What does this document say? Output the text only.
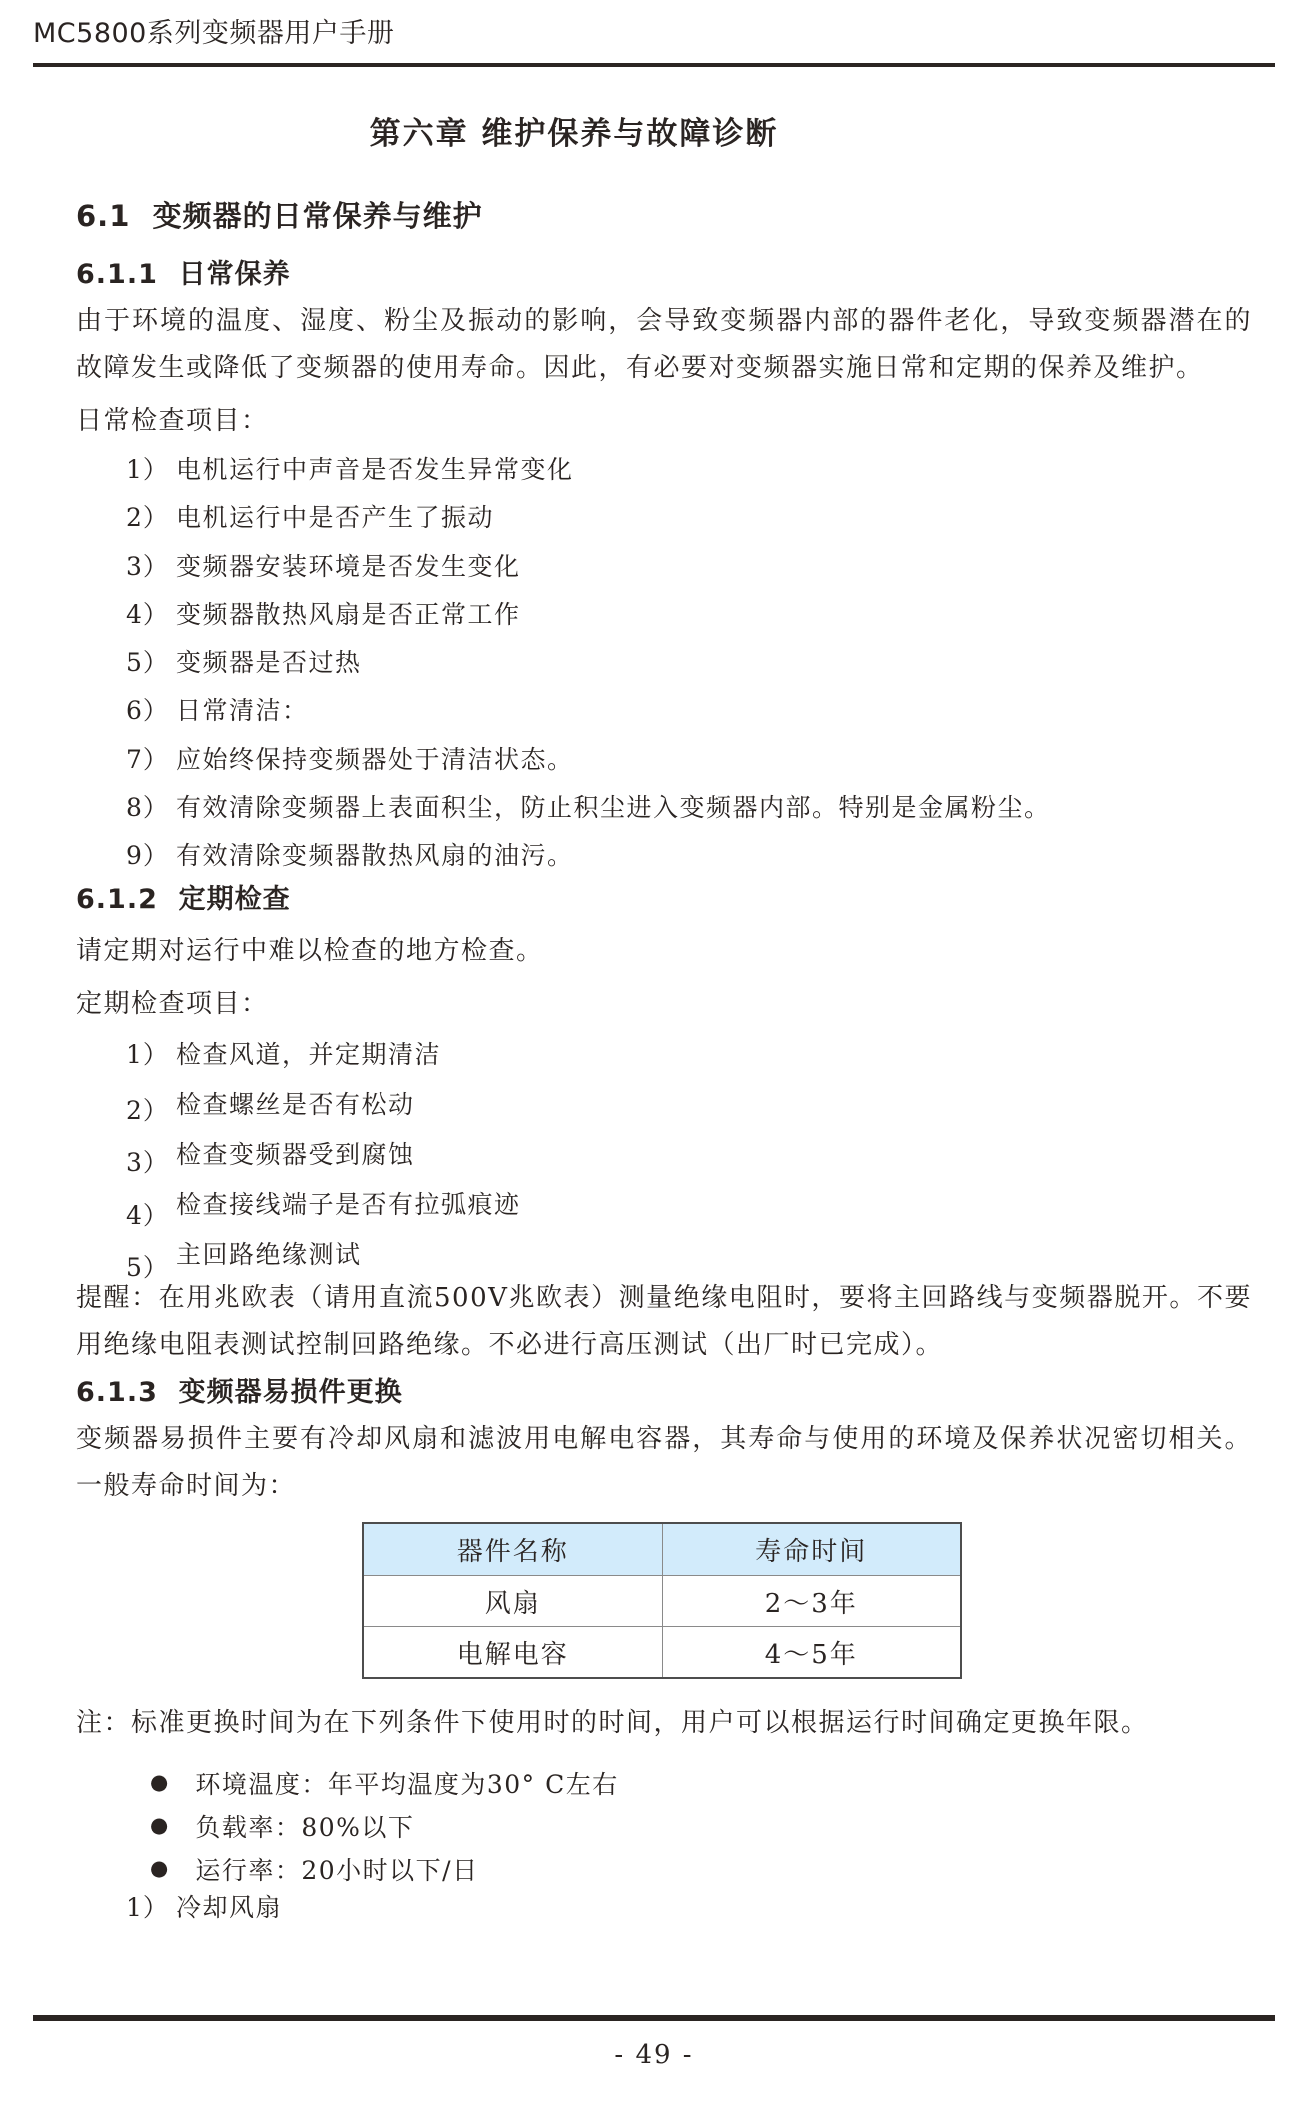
MC5800系列变频器用户手册
第六章 维护保养与故障诊断
6.1  变频器的日常保养与维护
6.1.1  日常保养
由于环境的温度、湿度、粉尘及振动的影响，会导致变频器内部的器件老化，导致变频器潜在的故障发生或降低了变频器的使用寿命。因此，有必要对变频器实施日常和定期的保养及维护。
日常检查项目：
1） 电机运行中声音是否发生异常变化
2） 电机运行中是否产生了振动
3） 变频器安装环境是否发生变化
4） 变频器散热风扇是否正常工作
5） 变频器是否过热
6） 日常清洁：
7） 应始终保持变频器处于清洁状态。
8） 有效清除变频器上表面积尘，防止积尘进入变频器内部。特别是金属粉尘。
9） 有效清除变频器散热风扇的油污。
6.1.2  定期检查
请定期对运行中难以检查的地方检查。
定期检查项目：
1） 检查风道，并定期清洁
2） 检查螺丝是否有松动
3） 检查变频器受到腐蚀
4） 检查接线端子是否有拉弧痕迹
5） 主回路绝缘测试
提醒：在用兆欧表（请用直流500V兆欧表）测量绝缘电阻时，要将主回路线与变频器脱开。不要用绝缘电阻表测试控制回路绝缘。不必进行高压测试（出厂时已完成）。
6.1.3  变频器易损件更换
变频器易损件主要有冷却风扇和滤波用电解电容器，其寿命与使用的环境及保养状况密切相关。一般寿命时间为：
器件名称	寿命时间
风扇	2～3年
电解电容	4～5年
注：标准更换时间为在下列条件下使用时的时间，用户可以根据运行时间确定更换年限。
● 环境温度：年平均温度为30° C左右
● 负载率：80%以下
● 运行率：20小时以下/日
1） 冷却风扇
- 49 -
